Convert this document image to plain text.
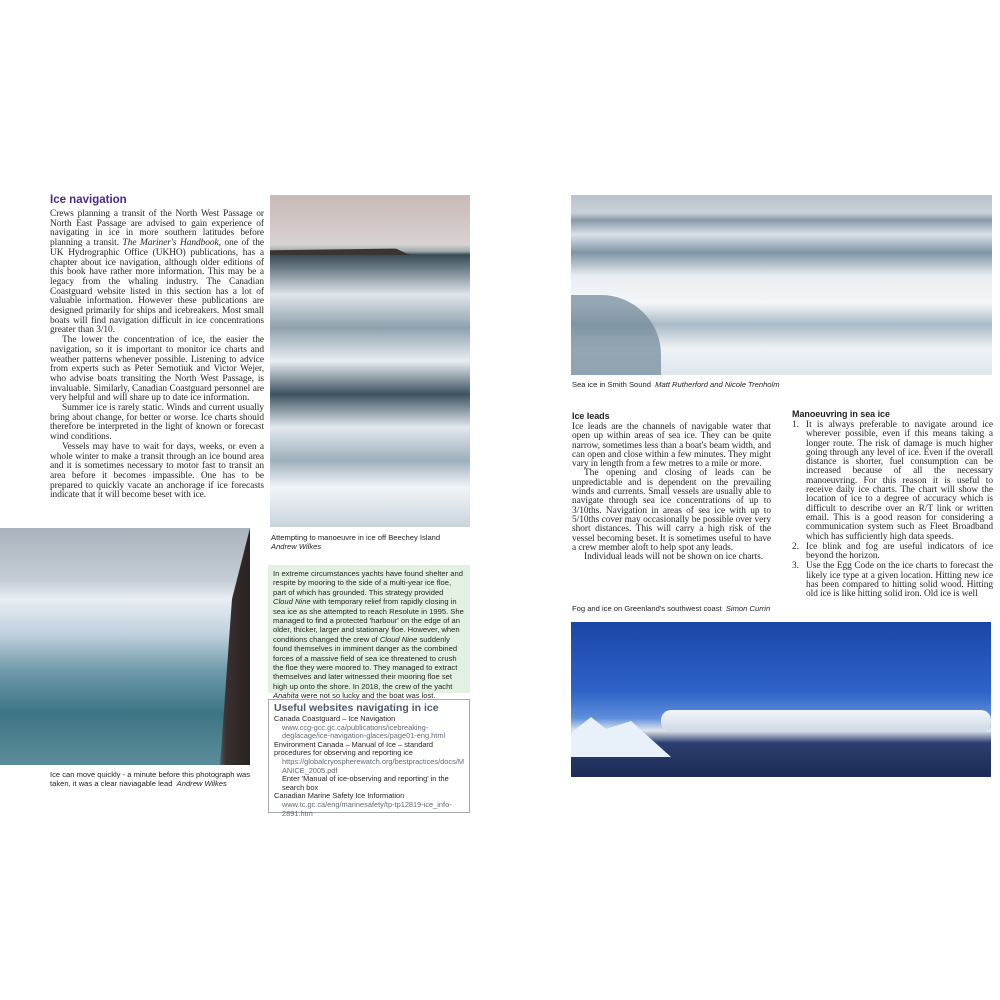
Ice navigation

Crews planning a transit of the North West Passage or North East Passage are advised to gain experience of navigating in ice in more southern latitudes before planning a transit. The Mariner's Handbook, one of the UK Hydrographic Office (UKHO) publications, has a chapter about ice navigation, although older editions of this book have rather more information. This may be a legacy from the whaling industry. The Canadian Coastguard website listed in this section has a lot of valuable information. However these publications are designed primarily for ships and icebreakers. Most small boats will find navigation difficult in ice concentrations greater than 3/10.

The lower the concentration of ice, the easier the navigation, so it is important to monitor ice charts and weather patterns whenever possible. Listening to advice from experts such as Peter Semotiuk and Victor Wejer, who advise boats transiting the North West Passage, is invaluable. Similarly, Canadian Coastguard personnel are very helpful and will share up to date ice information.

Summer ice is rarely static. Winds and current usually bring about change, for better or worse. Ice charts should therefore be interpreted in the light of known or forecast wind conditions.

Vessels may have to wait for days, weeks, or even a whole winter to make a transit through an ice bound area and it is sometimes necessary to motor fast to transit an area before it becomes impassible. One has to be prepared to quickly vacate an anchorage if ice forecasts indicate that it will become beset with ice.

Attempting to manoeuvre in ice off Beechey Island
Andrew Wilkes
Ice can move quickly - a minute before this photograph was taken, it was a clear naviagable lead Andrew Wilkes
In extreme circumstances yachts have found shelter and respite by mooring to the side of a multi-year ice floe, part of which has grounded. This strategy provided Cloud Nine with temporary relief from rapidly closing in sea ice as she attempted to reach Resolute in 1995. She managed to find a protected 'harbour' on the edge of an older, thicker, larger and stationary floe. However, when conditions changed the crew of Cloud Nine suddenly found themselves in imminent danger as the combined forces of a massive field of sea ice threatened to crush the floe they were moored to. They managed to extract themselves and later witnessed their mooring floe set high up onto the shore. In 2018, the crew of the yacht Anahita were not so lucky and the boat was lost.
Useful websites navigating in ice
Canada Coastguard – Ice Navigation
www.ccg-gcc.gc.ca/publications/icebreaking-deglacage/ice-navigation-glaces/page01-eng.html
Environment Canada – Manual of Ice – standard procedures for observing and reporting ice
https://globalcryospherewatch.org/bestpractices/docs/MANICE_2005.pdf
Enter 'Manual of ice-observing and reporting' in the search box
Canadian Marine Safety Ice Information
www.tc.gc.ca/eng/marinesafety/tp-tp12819-ice_info-2891.htm
Sea ice in Smith Sound Matt Rutherford and Nicole Trenholm
Ice leads

Ice leads are the channels of navigable water that open up within areas of sea ice. They can be quite narrow, sometimes less than a boat's beam width, and can open and close within a few minutes. They might vary in length from a few metres to a mile or more.

The opening and closing of leads can be unpredictable and is dependent on the prevailing winds and currents. Small vessels are usually able to navigate through sea ice concentrations of up to 3/10ths. Navigation in areas of sea ice with up to 5/10ths cover may occasionally be possible over very short distances. This will carry a high risk of the vessel becoming beset. It is sometimes useful to have a crew member aloft to help spot any leads.

Individual leads will not be shown on ice charts.

Manoeuvring in sea ice
1. It is always preferable to navigate around ice wherever possible, even if this means taking a longer route. The risk of damage is much higher going through any level of ice. Even if the overall distance is shorter, fuel consumption can be increased because of all the necessary manoeuvring. For this reason it is useful to receive daily ice charts. The chart will show the location of ice to a degree of accuracy which is difficult to describe over an R/T link or written email. This is a good reason for considering a communication system such as Fleet Broadband which has sufficiently high data speeds.
2. Ice blink and fog are useful indicators of ice beyond the horizon.
3. Use the Egg Code on the ice charts to forecast the likely ice type at a given location. Hitting new ice has been compared to hitting solid wood. Hitting old ice is like hitting solid iron. Old ice is well
Fog and ice on Greenland's southwest coast Simon Currin
